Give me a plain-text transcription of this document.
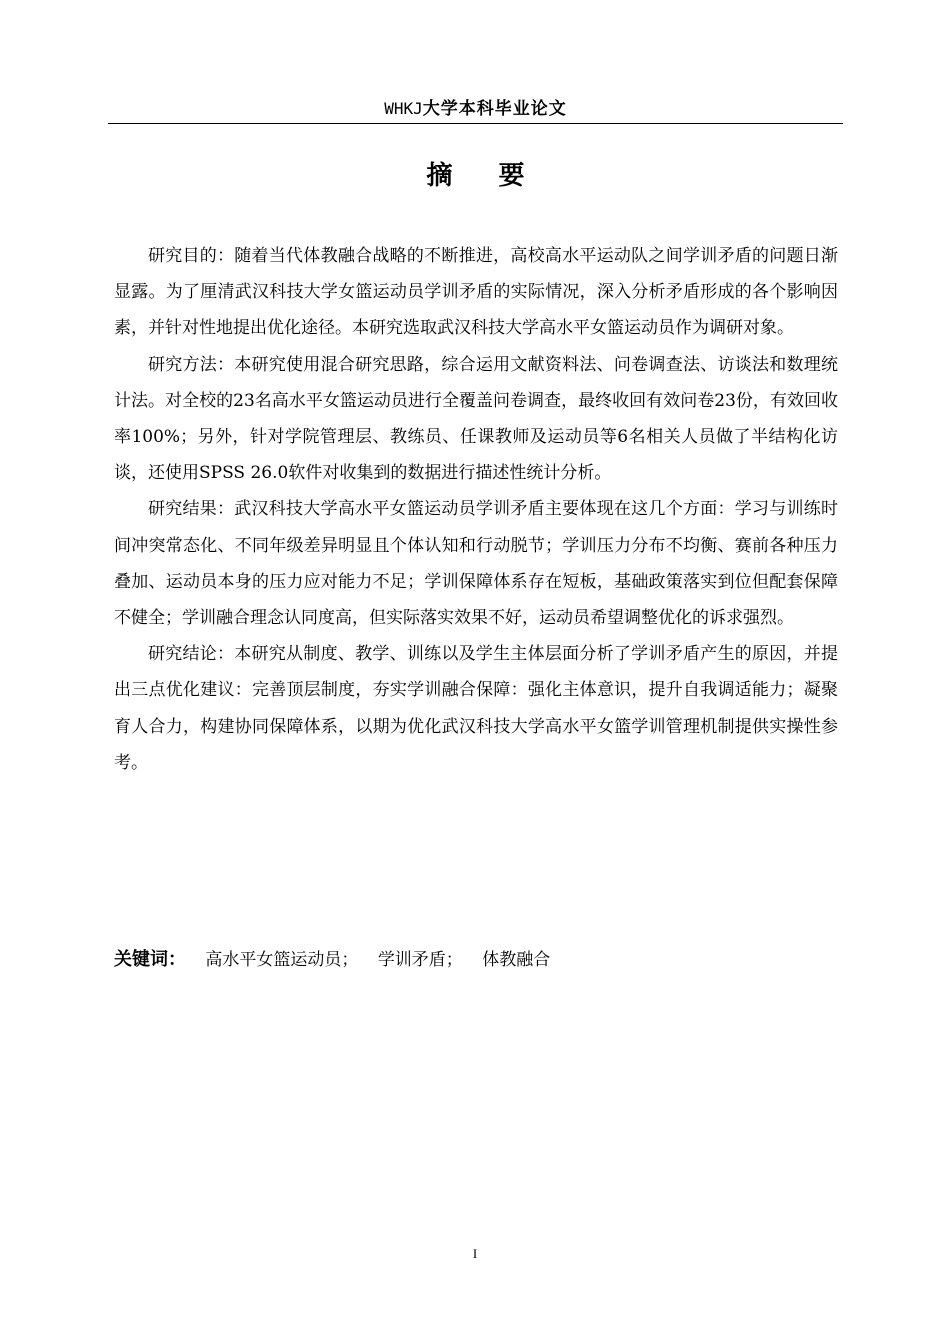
WHKJ大学本科毕业论文
摘要

研究目的：随着当代体教融合战略的不断推进，高校高水平运动队之间学训矛盾的问题日渐显露。为了厘清武汉科技大学女篮运动员学训矛盾的实际情况，深入分析矛盾形成的各个影响因素，并针对性地提出优化途径。本研究选取武汉科技大学高水平女篮运动员作为调研对象。

研究方法：本研究使用混合研究思路，综合运用文献资料法、问卷调查法、访谈法和数理统计法。对全校的23名高水平女篮运动员进行全覆盖问卷调查，最终收回有效问卷23份，有效回收率100%；另外，针对学院管理层、教练员、任课教师及运动员等6名相关人员做了半结构化访谈，还使用SPSS 26.0软件对收集到的数据进行描述性统计分析。

研究结果：武汉科技大学高水平女篮运动员学训矛盾主要体现在这几个方面：学习与训练时间冲突常态化、不同年级差异明显且个体认知和行动脱节；学训压力分布不均衡、赛前各种压力叠加、运动员本身的压力应对能力不足；学训保障体系存在短板，基础政策落实到位但配套保障不健全；学训融合理念认同度高，但实际落实效果不好，运动员希望调整优化的诉求强烈。

研究结论：本研究从制度、教学、训练以及学生主体层面分析了学训矛盾产生的原因，并提出三点优化建议：完善顶层制度，夯实学训融合保障：强化主体意识，提升自我调适能力；凝聚育人合力，构建协同保障体系，以期为优化武汉科技大学高水平女篮学训管理机制提供实操性参考。

关键词： 高水平女篮运动员； 学训矛盾； 体教融合
I
